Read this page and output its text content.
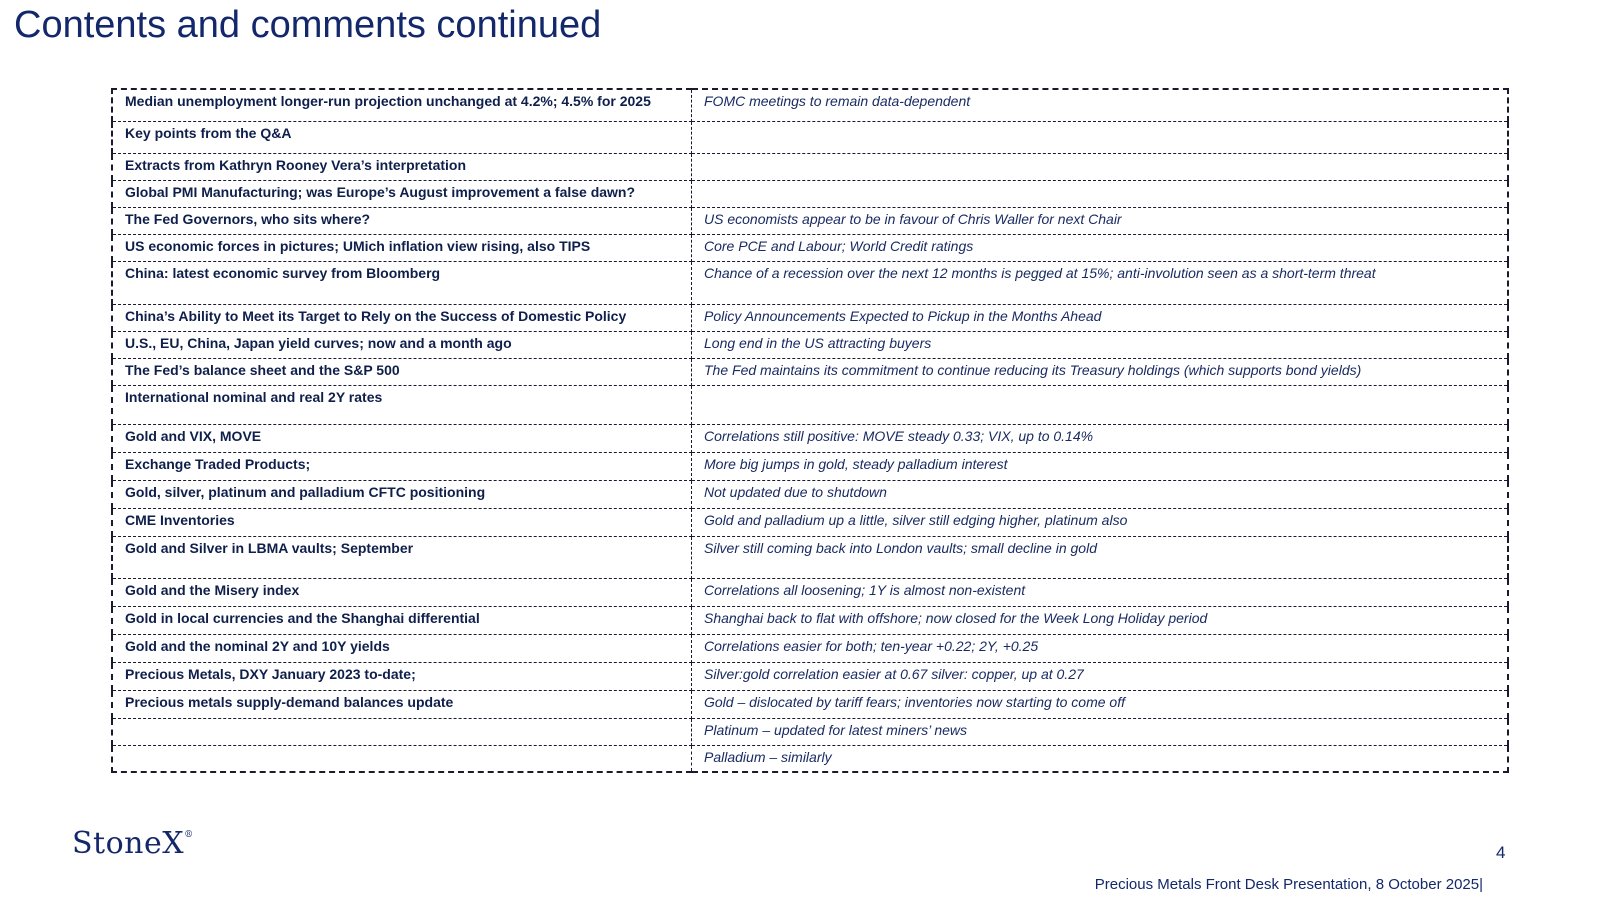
Contents and comments continued
Median unemployment longer-run projection unchanged at 4.2%; 4.5% for 2025	FOMC meetings to remain data-dependent
Key points from the Q&A	
Extracts from Kathryn Rooney Vera’s interpretation	
Global PMI Manufacturing; was Europe’s August improvement a false dawn?	
The Fed Governors, who sits where?	US economists appear to be in favour of Chris Waller for next Chair
US economic forces in pictures; UMich inflation view rising, also TIPS	Core PCE and Labour; World Credit ratings
China: latest economic survey from Bloomberg	Chance of a recession over the next 12 months is pegged at 15%; anti-involution seen as a short-term threat
China’s Ability to Meet its Target to Rely on the Success of Domestic Policy	Policy Announcements Expected to Pickup in the Months Ahead
U.S., EU, China, Japan yield curves; now and a month ago	Long end in the US attracting buyers
The Fed’s balance sheet and the S&P 500	The Fed maintains its commitment to continue reducing its Treasury holdings (which supports bond yields)
International nominal and real 2Y rates	
Gold and VIX, MOVE	Correlations still positive: MOVE steady 0.33; VIX, up to 0.14%
Exchange Traded Products;	More big jumps in gold, steady palladium interest
Gold, silver, platinum and palladium CFTC positioning	Not updated due to shutdown
CME Inventories	Gold and palladium up a little, silver still edging higher, platinum also
Gold and Silver in LBMA vaults; September	Silver still coming back into London vaults; small decline in gold
Gold and the Misery index	Correlations all loosening; 1Y is almost non-existent
Gold in local currencies and the Shanghai differential	Shanghai back to flat with offshore; now closed for the Week Long Holiday period
Gold and the nominal 2Y and 10Y yields	Correlations easier for both; ten-year +0.22; 2Y, +0.25
Precious Metals, DXY January 2023 to-date;	Silver:gold correlation easier at 0.67 silver: copper, up at 0.27
Precious metals supply-demand balances update	Gold – dislocated by tariff fears; inventories now starting to come off
	Platinum – updated for latest miners’ news
	Palladium – similarly
StoneX®
4
Precious Metals Front Desk Presentation, 8 October 2025|
